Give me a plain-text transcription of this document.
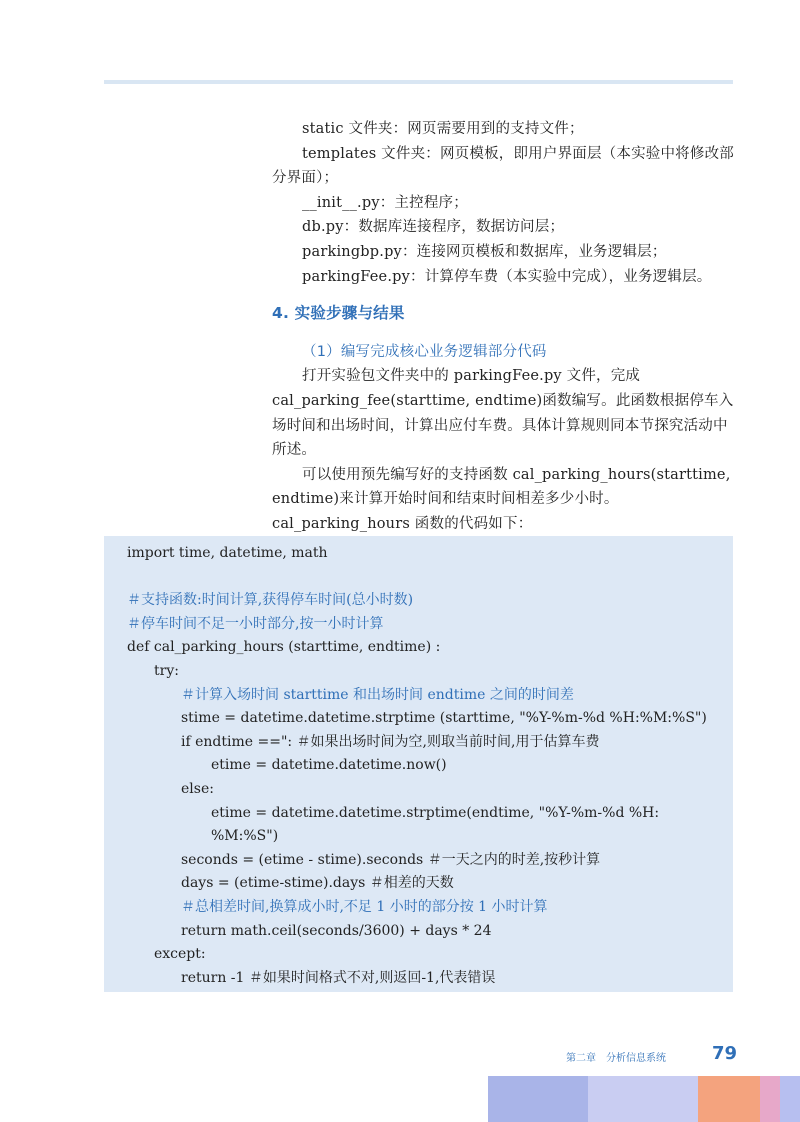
static 文件夹：网页需要用到的支持文件；

templates 文件夹：网页模板，即用户界面层（本实验中将修改部分界面）；

__init__.py：主控程序；

db.py：数据库连接程序，数据访问层；

parkingbp.py：连接网页模板和数据库，业务逻辑层；

parkingFee.py：计算停车费（本实验中完成），业务逻辑层。

4. 实验步骤与结果

（1）编写完成核心业务逻辑部分代码

打开实验包文件夹中的 parkingFee.py 文件，完成 cal_parking_fee(starttime, endtime)函数编写。此函数根据停车入场时间和出场时间，计算出应付车费。具体计算规则同本节探究活动中所述。

可以使用预先编写好的支持函数 cal_parking_hours(starttime, endtime)来计算开始时间和结束时间相差多少小时。cal_parking_hours 函数的代码如下：

import time, datetime, math
＃支持函数:时间计算,获得停车时间(总小时数)
＃停车时间不足一小时部分,按一小时计算
def cal_parking_hours (starttime, endtime) :
try:
＃计算入场时间 starttime 和出场时间 endtime 之间的时间差
stime = datetime.datetime.strptime (starttime, "%Y-%m-%d %H:%M:%S")
if endtime ==": ＃如果出场时间为空,则取当前时间,用于估算车费
etime = datetime.datetime.now()
else:
etime = datetime.datetime.strptime(endtime, "%Y-%m-%d %H:
%M:%S")
seconds = (etime - stime).seconds ＃一天之内的时差,按秒计算
days = (etime-stime).days ＃相差的天数
＃总相差时间,换算成小时,不足 1 小时的部分按 1 小时计算
return math.ceil(seconds/3600) + days * 24
except:
return -1 ＃如果时间格式不对,则返回-1,代表错误
第二章　分析信息系统	79
